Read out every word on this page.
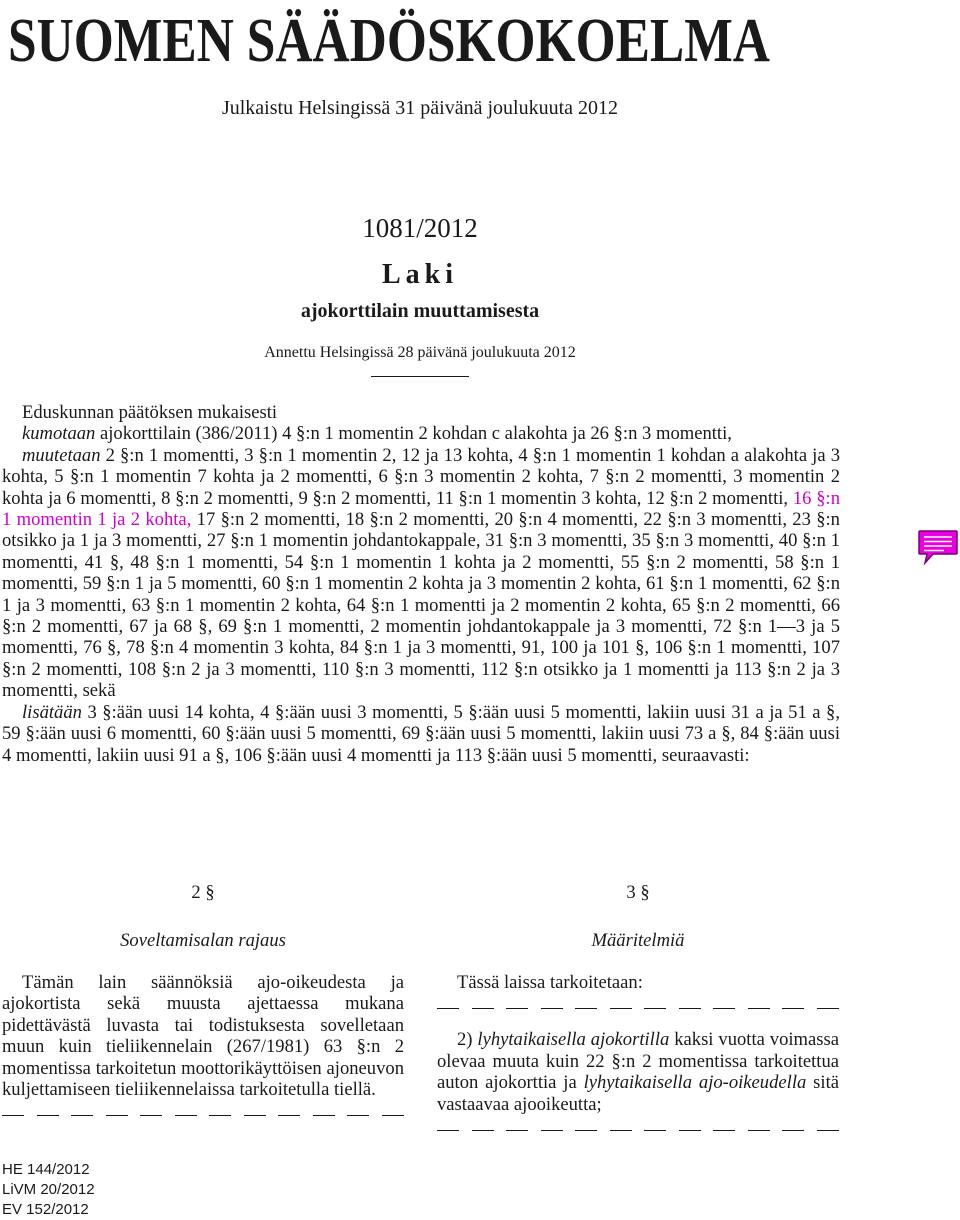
SUOMEN SÄÄDÖSKOKOELMA
Julkaistu Helsingissä 31 päivänä joulukuuta 2012
1081/2012
Laki
ajokorttilain muuttamisesta
Annettu Helsingissä 28 päivänä joulukuuta 2012

Eduskunnan päätöksen mukaisesti

kumotaan ajokorttilain (386/2011) 4 §:n 1 momentin 2 kohdan c alakohta ja 26 §:n 3 momentti,

muutetaan 2 §:n 1 momentti, 3 §:n 1 momentin 2, 12 ja 13 kohta, 4 §:n 1 momentin 1 kohdan a alakohta ja 3 kohta, 5 §:n 1 momentin 7 kohta ja 2 momentti, 6 §:n 3 momentin 2 kohta, 7 §:n 2 momentti, 3 momentin 2 kohta ja 6 momentti, 8 §:n 2 momentti, 9 §:n 2 momentti, 11 §:n 1 momentin 3 kohta, 12 §:n 2 momentti, 16 §:n 1 momentin 1 ja 2 kohta, 17 §:n 2 momentti, 18 §:n 2 momentti, 20 §:n 4 momentti, 22 §:n 3 momentti, 23 §:n otsikko ja 1 ja 3 momentti, 27 §:n 1 momentin johdantokappale, 31 §:n 3 momentti, 35 §:n 3 momentti, 40 §:n 1 momentti, 41 §, 48 §:n 1 momentti, 54 §:n 1 momentin 1 kohta ja 2 momentti, 55 §:n 2 momentti, 58 §:n 1 momentti, 59 §:n 1 ja 5 momentti, 60 §:n 1 momentin 2 kohta ja 3 momentin 2 kohta, 61 §:n 1 momentti, 62 §:n 1 ja 3 momentti, 63 §:n 1 momentin 2 kohta, 64 §:n 1 momentti ja 2 momentin 2 kohta, 65 §:n 2 momentti, 66 §:n 2 momentti, 67 ja 68 §, 69 §:n 1 momentti, 2 momentin johdantokappale ja 3 momentti, 72 §:n 1—3 ja 5 momentti, 76 §, 78 §:n 4 momentin 3 kohta, 84 §:n 1 ja 3 momentti, 91, 100 ja 101 §, 106 §:n 1 momentti, 107 §:n 2 momentti, 108 §:n 2 ja 3 momentti, 110 §:n 3 momentti, 112 §:n otsikko ja 1 momentti ja 113 §:n 2 ja 3 momentti, sekä

lisätään 3 §:ään uusi 14 kohta, 4 §:ään uusi 3 momentti, 5 §:ään uusi 5 momentti, lakiin uusi 31 a ja 51 a §, 59 §:ään uusi 6 momentti, 60 §:ään uusi 5 momentti, 69 §:ään uusi 5 momentti, lakiin uusi 73 a §, 84 §:ään uusi 4 momentti, lakiin uusi 91 a §, 106 §:ään uusi 4 momentti ja 113 §:ään uusi 5 momentti, seuraavasti:

2 §
Soveltamisalan rajaus

Tämän lain säännöksiä ajo-oikeudesta ja ajokortista sekä muusta ajettaessa mukana pidettävästä luvasta tai todistuksesta sovelletaan muun kuin tieliikennelain (267/1981) 63 §:n 2 momentissa tarkoitetun moottorikäyttöisen ajoneuvon kuljettamiseen tieliikennelaissa tarkoitetulla tiellä.

3 §
Määritelmiä

Tässä laissa tarkoitetaan:

2) lyhytaikaisella ajokortilla kaksi vuotta voimassa olevaa muuta kuin 22 §:n 2 momentissa tarkoitettua auton ajokorttia ja lyhytaikaisella ajo-oikeudella sitä vastaavaa ajooikeutta;

HE 144/2012
LiVM 20/2012
EV 152/2012
